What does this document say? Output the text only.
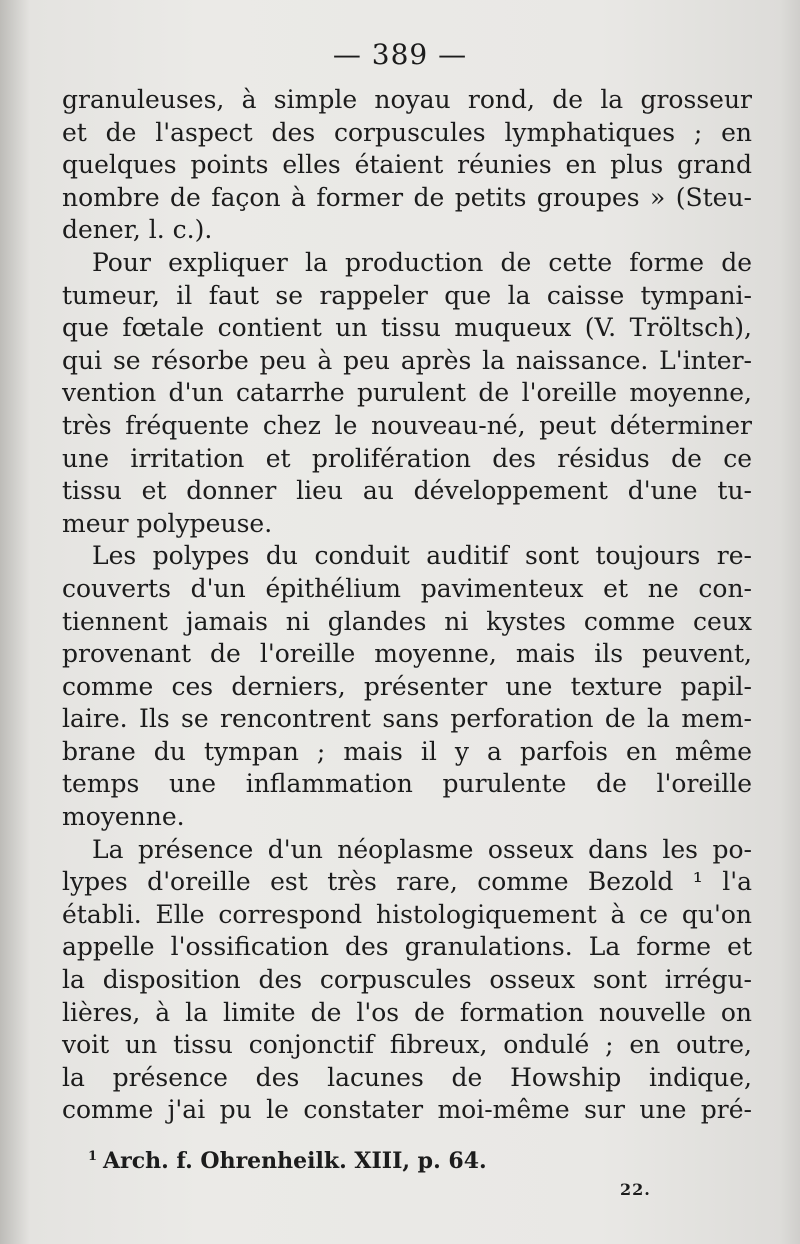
— 389 —
granuleuses, à simple noyau rond, de la grosseur
et de l'aspect des corpuscules lymphatiques ; en
quelques points elles étaient réunies en plus grand
nombre de façon à former de petits groupes » (Steu-
dener, l. c.).
Pour expliquer la production de cette forme de
tumeur, il faut se rappeler que la caisse tympani-
que fœtale contient un tissu muqueux (V. Tröltsch),
qui se résorbe peu à peu après la naissance. L'inter-
vention d'un catarrhe purulent de l'oreille moyenne,
très fréquente chez le nouveau-né, peut déterminer
une irritation et prolifération des résidus de ce
tissu et donner lieu au développement d'une tu-
meur polypeuse.
Les polypes du conduit auditif sont toujours re-
couverts d'un épithélium pavimenteux et ne con-
tiennent jamais ni glandes ni kystes comme ceux
provenant de l'oreille moyenne, mais ils peuvent,
comme ces derniers, présenter une texture papil-
laire. Ils se rencontrent sans perforation de la mem-
brane du tympan ; mais il y a parfois en même
temps une inflammation purulente de l'oreille
moyenne.
La présence d'un néoplasme osseux dans les po-
lypes d'oreille est très rare, comme Bezold ¹ l'a
établi. Elle correspond histologiquement à ce qu'on
appelle l'ossification des granulations. La forme et
la disposition des corpuscules osseux sont irrégu-
lières, à la limite de l'os de formation nouvelle on
voit un tissu conjonctif fibreux, ondulé ; en outre,
la présence des lacunes de Howship indique,
comme j'ai pu le constater moi-même sur une pré-
$^1$ Arch. f. Ohrenheilk. XIII, p. 64.
22.
